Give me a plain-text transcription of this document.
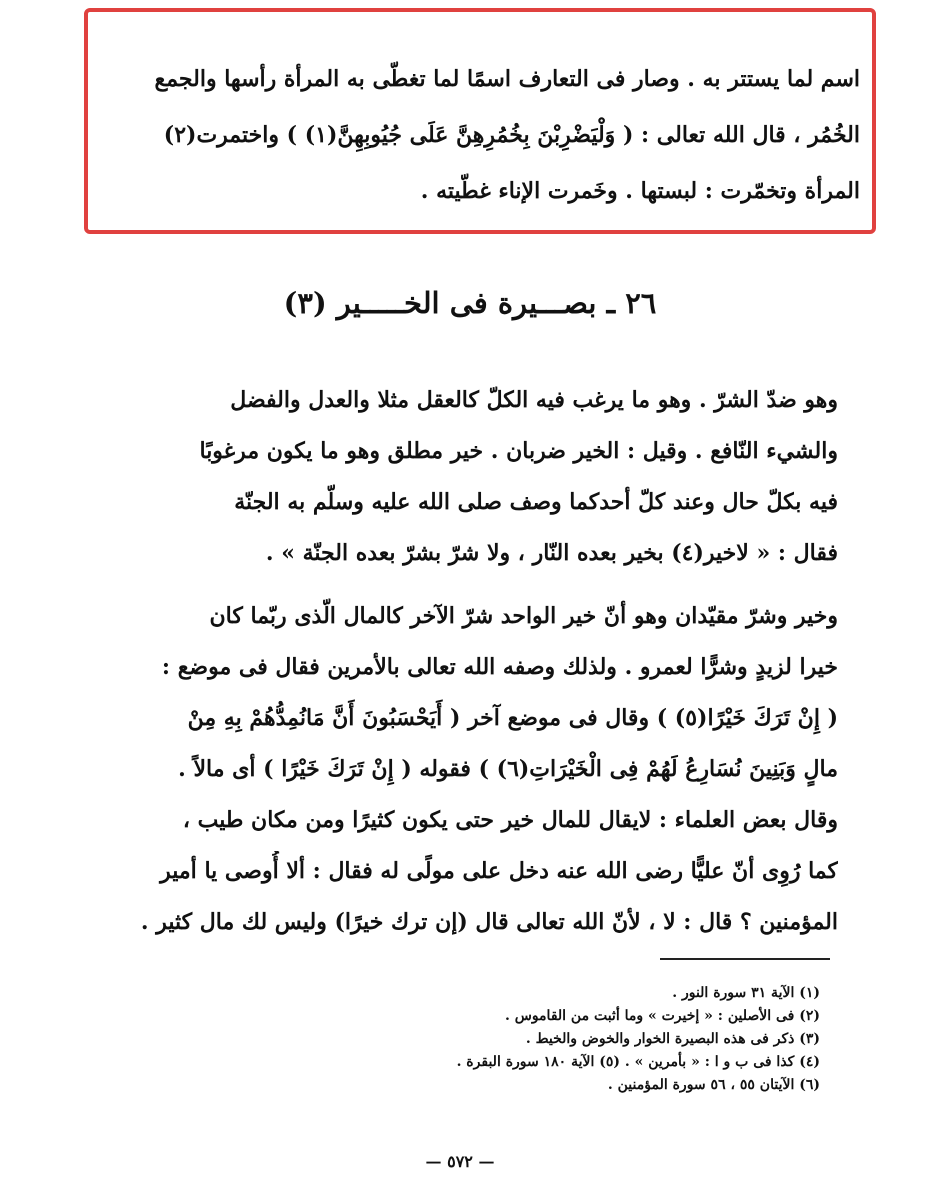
اسم لما يستتر به . وصار فى التعارف اسمًا لما تغطّى به المرأة رأسها والجمع
الخُمُر ، قال الله تعالى : ( وَلْيَضْرِبْنَ بِخُمُرِهِنَّ عَلَى جُيُوبِهِنَّ(١) ) واختمرت(٢)
المرأة وتخمّرت : لبستها . وخَمرت الإناء غطّيته .
٢٦ ـ بصـــيرة فى الخـــــير (٣)
وهو ضدّ الشرّ . وهو ما يرغب فيه الكلّ كالعقل مثلا والعدل والفضل
والشيء النّافع . وقيل : الخير ضربان . خير مطلق وهو ما يكون مرغوبًا
فيه بكلّ حال وعند كلّ أحدكما وصف صلى الله عليه وسلّم به الجنّة
فقال : « لاخير(٤) بخير بعده النّار ، ولا شرّ بشرّ بعده الجنّة » .
وخير وشرّ مقيّدان وهو أنّ خير الواحد شرّ الآخر كالمال الّذى ربّما كان
خيرا لزيدٍ وشرًّا لعمرو . ولذلك وصفه الله تعالى بالأمرين فقال فى موضع :
( إِنْ تَرَكَ خَيْرًا(٥) ) وقال فى موضع آخر ( أَيَحْسَبُونَ أَنَّ مَانُمِدُّهُمْ بِهِ مِنْ
مالٍ وَبَنِينَ نُسَارِعُ لَهُمْ فِى الْخَيْرَاتِ(٦) ) فقوله ( إِنْ تَرَكَ خَيْرًا ) أى مالاً .
وقال بعض العلماء : لايقال للمال خير حتى يكون كثيرًا ومن مكان طيب ،
كما رُوِى أنّ عليًّا رضى الله عنه دخل على مولًى له فقال : ألا أُوصى يا أمير
المؤمنين ؟ قال : لا ، لأنّ الله تعالى قال (إن ترك خيرًا) وليس لك مال كثير .
(١) الآية ٣١ سورة النور .
(٢) فى الأصلين : « إخيرت » وما أثبت من القاموس .
(٣) ذكر فى هذه البصيرة الخوار والخوض والخيط .
(٤) كذا فى ب و ا : « بأمرين » . (٥) الآية ١٨٠ سورة البقرة .
(٦) الآيتان ٥٥ ، ٥٦ سورة المؤمنين .
— ٥٧٢ —
